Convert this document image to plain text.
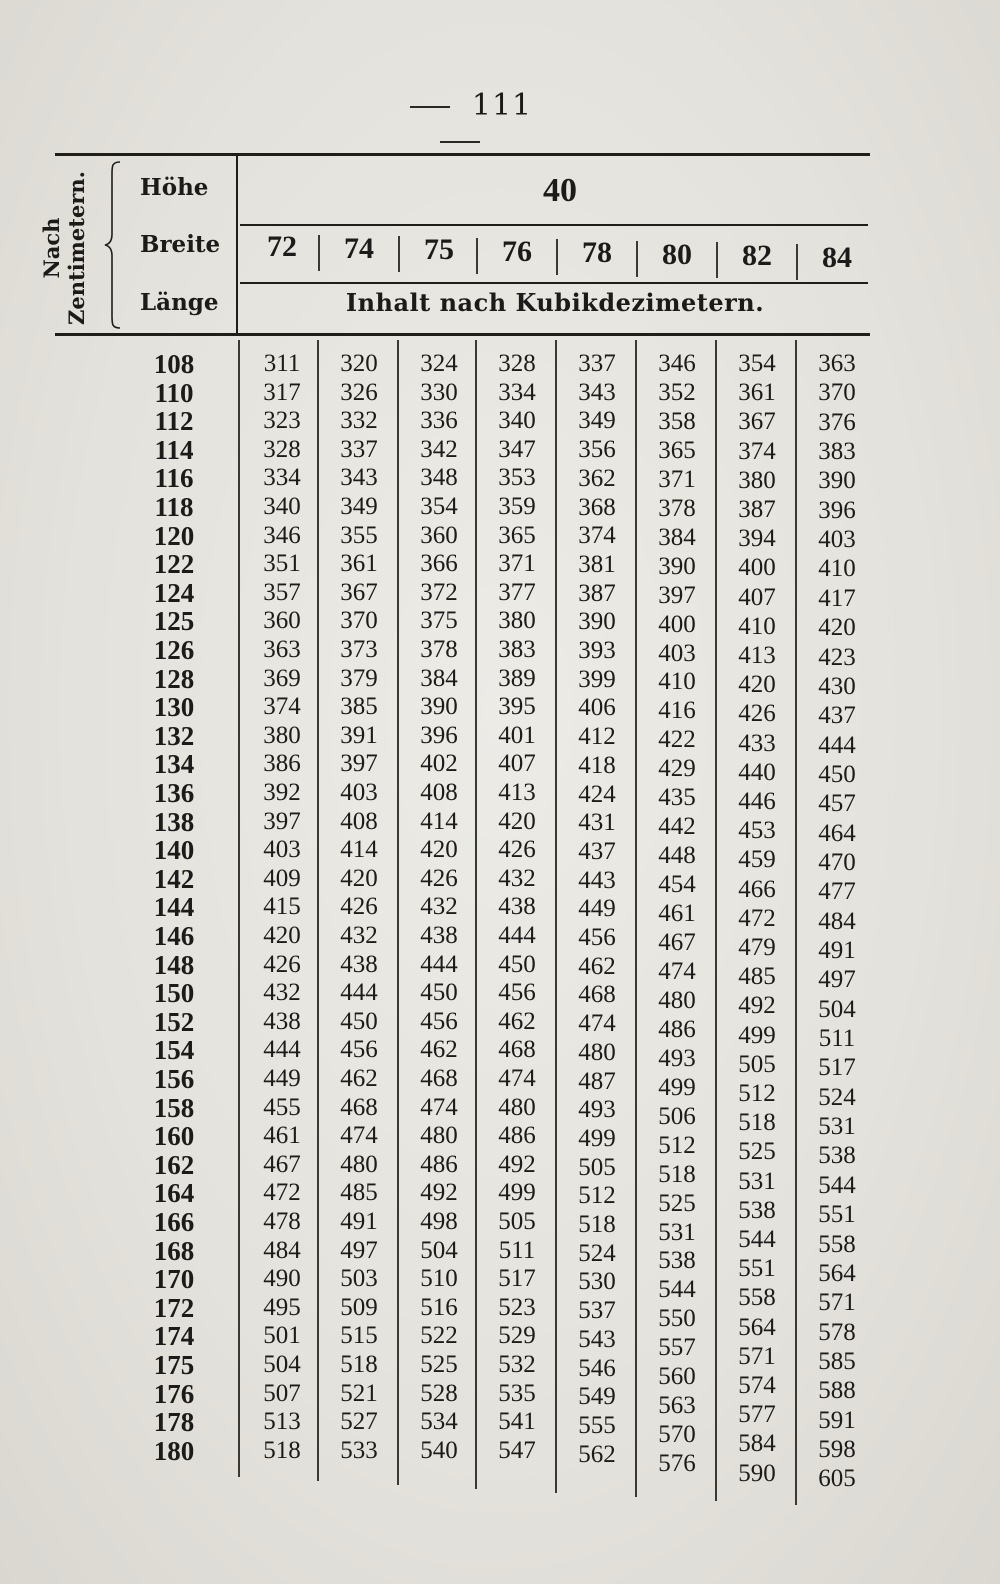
111
Nach Zentimetern. Höhe
Breite
Länge
40
72	74	75	76	78	80	82	84
Inhalt nach Kubikdezimetern.
108	311	320	324	328	337	346	354	363
110	317	326	330	334	343	352	361	370
112	323	332	336	340	349	358	367	376
114	328	337	342	347	356	365	374	383
116	334	343	348	353	362	371	380	390
118	340	349	354	359	368	378	387	396
120	346	355	360	365	374	384	394	403
122	351	361	366	371	381	390	400	410
124	357	367	372	377	387	397	407	417
125	360	370	375	380	390	400	410	420
126	363	373	378	383	393	403	413	423
128	369	379	384	389	399	410	420	430
130	374	385	390	395	406	416	426	437
132	380	391	396	401	412	422	433	444
134	386	397	402	407	418	429	440	450
136	392	403	408	413	424	435	446	457
138	397	408	414	420	431	442	453	464
140	403	414	420	426	437	448	459	470
142	409	420	426	432	443	454	466	477
144	415	426	432	438	449	461	472	484
146	420	432	438	444	456	467	479	491
148	426	438	444	450	462	474	485	497
150	432	444	450	456	468	480	492	504
152	438	450	456	462	474	486	499	511
154	444	456	462	468	480	493	505	517
156	449	462	468	474	487	499	512	524
158	455	468	474	480	493	506	518	531
160	461	474	480	486	499	512	525	538
162	467	480	486	492	505	518	531	544
164	472	485	492	499	512	525	538	551
166	478	491	498	505	518	531	544	558
168	484	497	504	511	524	538	551	564
170	490	503	510	517	530	544	558	571
172	495	509	516	523	537	550	564	578
174	501	515	522	529	543	557	571	585
175	504	518	525	532	546	560	574	588
176	507	521	528	535	549	563	577	591
178	513	527	534	541	555	570	584	598
180	518	533	540	547	562	576	590	605
